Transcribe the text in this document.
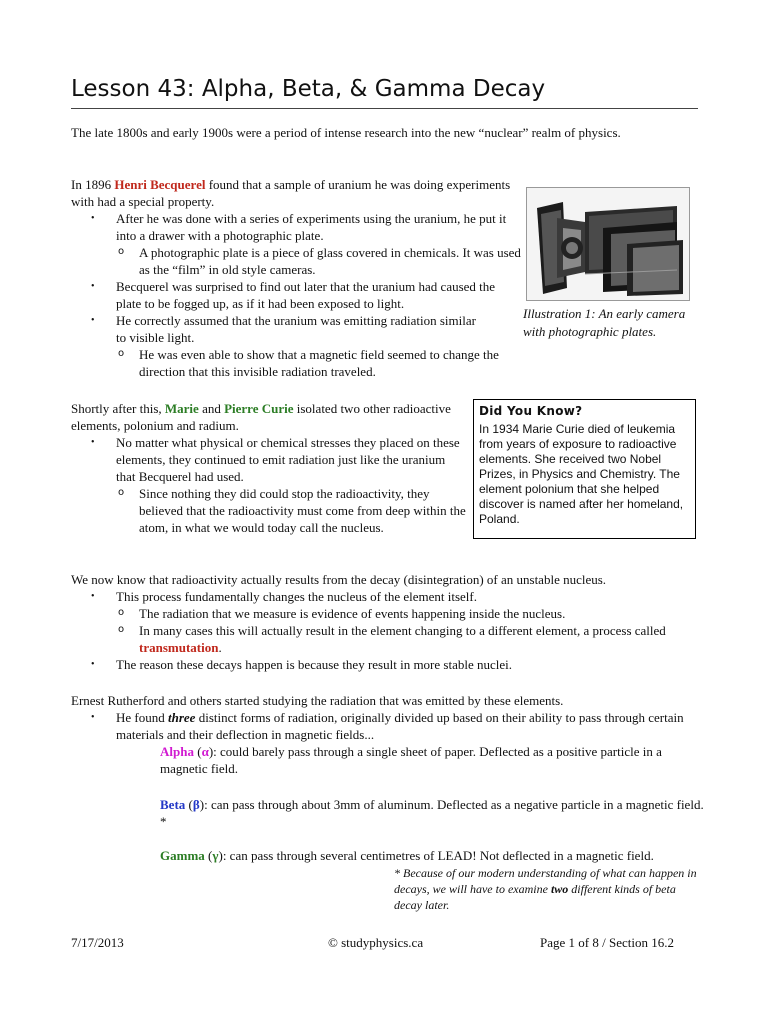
Lesson 43: Alpha, Beta, & Gamma Decay

The late 1800s and early 1900s were a period of intense research into the new “nuclear” realm of physics.

In 1896 Henri Becquerel found that a sample of uranium he was doing experiments with had a special property.
• After he was done with a series of experiments using the uranium, he put it into a drawer with a photographic plate.
o A photographic plate is a piece of glass covered in chemicals. It was used as the “film” in old style cameras.
• Becquerel was surprised to find out later that the uranium had caused the plate to be fogged up, as if it had been exposed to light.
• He correctly assumed that the uranium was emitting radiation similar to visible light.
o He was even able to show that a magnetic field seemed to change the direction that this invisible radiation traveled.
Illustration 1: An early camera with photographic plates.
Shortly after this, Marie and Pierre Curie isolated two other radioactive elements, polonium and radium.
• No matter what physical or chemical stresses they placed on these elements, they continued to emit radiation just like the uranium that Becquerel had used.
o Since nothing they did could stop the radioactivity, they believed that the radioactivity must come from deep within the atom, in what we would today call the nucleus.
Did You Know?
In 1934 Marie Curie died of leukemia from years of exposure to radioactive elements. She received two Nobel Prizes, in Physics and Chemistry. The element polonium that she helped discover is named after her homeland, Poland.
We now know that radioactivity actually results from the decay (disintegration) of an unstable nucleus.
• This process fundamentally changes the nucleus of the element itself.
o The radiation that we measure is evidence of events happening inside the nucleus.
o In many cases this will actually result in the element changing to a different element, a process called transmutation.
• The reason these decays happen is because they result in more stable nuclei.
Ernest Rutherford and others started studying the radiation that was emitted by these elements.
• He found three distinct forms of radiation, originally divided up based on their ability to pass through certain materials and their deflection in magnetic fields...
Alpha (α): could barely pass through a single sheet of paper. Deflected as a positive particle in a magnetic field.
Beta (β): can pass through about 3mm of aluminum. Deflected as a negative particle in a magnetic field. *
Gamma (γ): can pass through several centimetres of LEAD! Not deflected in a magnetic field.
* Because of our modern understanding of what can happen in decays, we will have to examine two different kinds of beta decay later.
7/17/2013	© studyphysics.ca	Page 1 of 8 / Section 16.2
